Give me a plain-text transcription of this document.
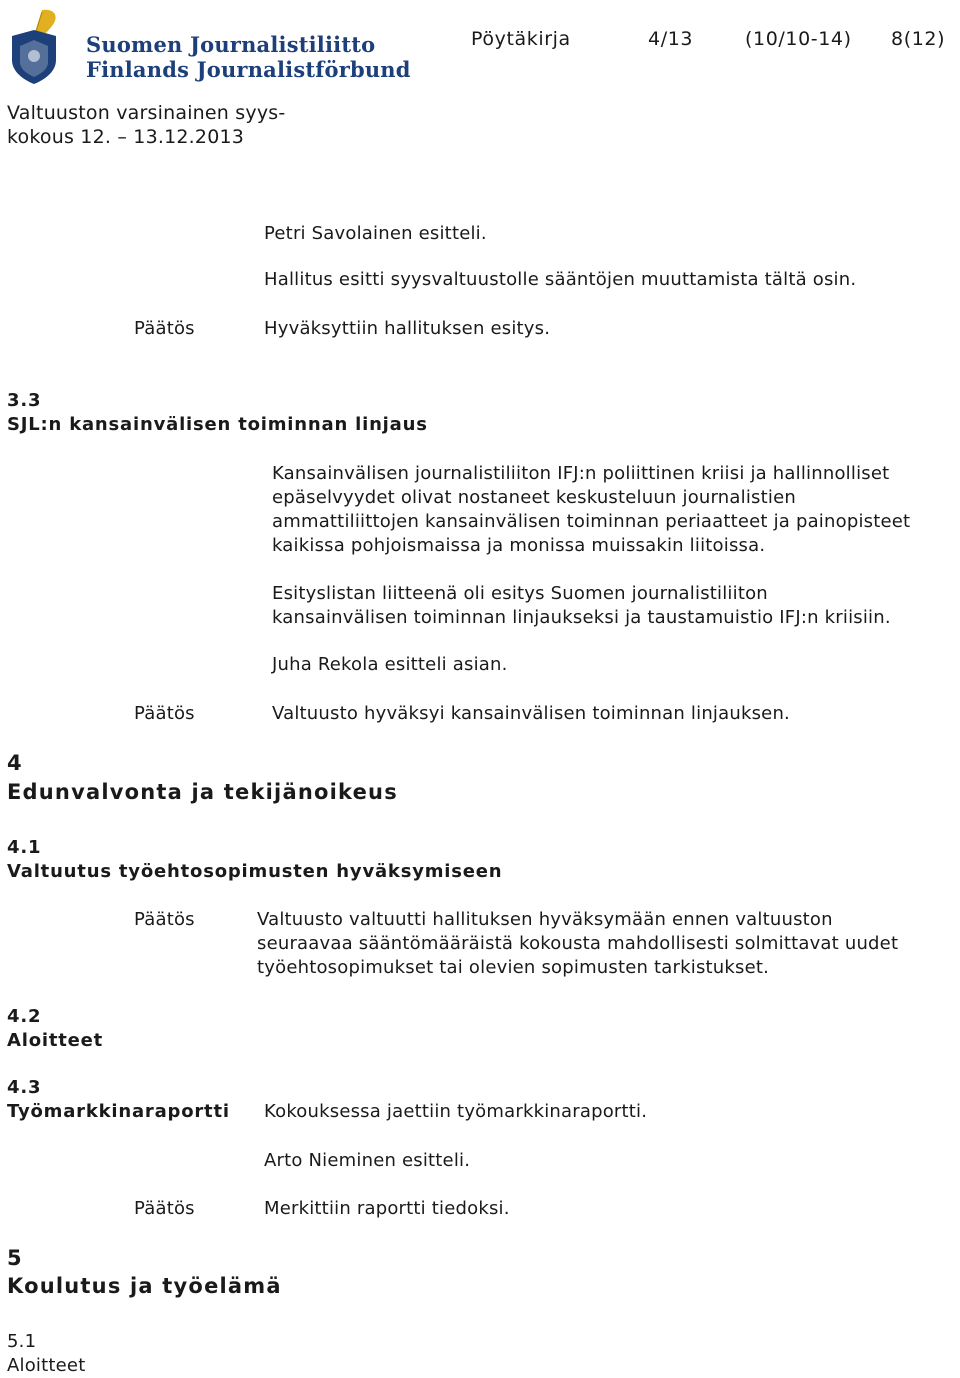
Suomen Journalistiliitto
Finlands Journalistförbund
Pöytäkirja	4/13	(10/10-14) 8(12)
Valtuuston varsinainen syys-
kokous 12. – 13.12.2013
Petri Savolainen esitteli.
Hallitus esitti syysvaltuustolle sääntöjen muuttamista tältä osin.
Päätös	Hyväksyttiin hallituksen esitys.
3.3
SJL:n kansainvälisen toiminnan linjaus
Kansainvälisen journalistiliiton IFJ:n poliittinen kriisi ja hallinnolliset
epäselvyydet olivat nostaneet keskusteluun journalistien
ammattiliittojen kansainvälisen toiminnan periaatteet ja painopisteet
kaikissa pohjoismaissa ja monissa muissakin liitoissa.
Esityslistan liitteenä oli esitys Suomen journalistiliiton
kansainvälisen toiminnan linjaukseksi ja taustamuistio IFJ:n kriisiin.
Juha Rekola esitteli asian.
Päätös	Valtuusto hyväksyi kansainvälisen toiminnan linjauksen.
4
Edunvalvonta ja tekijänoikeus
4.1
Valtuutus työehtosopimusten hyväksymiseen
Päätös	Valtuusto valtuutti hallituksen hyväksymään ennen valtuuston
seuraavaa sääntömääräistä kokousta mahdollisesti solmittavat uudet
työehtosopimukset tai olevien sopimusten tarkistukset.
4.2
Aloitteet
4.3
Työmarkkinaraportti Kokouksessa jaettiin työmarkkinaraportti.
Arto Nieminen esitteli.
Päätös	Merkittiin raportti tiedoksi.
5
Koulutus ja työelämä
5.1
Aloitteet
